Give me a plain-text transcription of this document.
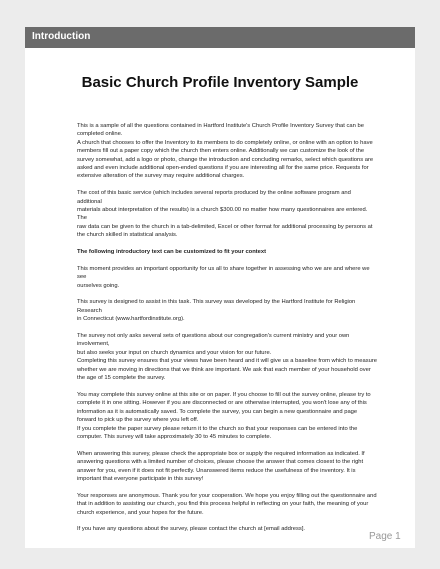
Introduction
Basic Church Profile Inventory Sample

This is a sample of all the questions contained in Hartford Institute's Church Profile Inventory Survey that can be
completed online.
A church that chooses to offer the Inventory to its members to do completely online, or online with an option to have
members fill out a paper copy which the church then enters online. Additionally we can customize the look of the
survey somewhat, add a logo or photo, change the introduction and concluding remarks, select which questions are
asked and even include additional open-ended questions if you are interesting all for the same price. Requests for
extensive alteration of the survey may require additional charges.

The cost of this basic service (which includes several reports produced by the online software program and additional
materials about interpretation of the results) is a church $300.00 no matter how many questionnaires are entered. The
raw data can be given to the church in a tab-delimited, Excel or other format for additional processing by persons at
the church skilled in statistical analysis.

The following introductory text can be customized to fit your context

This moment provides an important opportunity for us all to share together in assessing who we are and where we see
ourselves going.

This survey is designed to assist in this task. This survey was developed by the Hartford Institute for Religion Research
in Connecticut (www.hartfordinstitute.org).

The survey not only asks several sets of questions about our congregation's current ministry and your own involvement,
but also seeks your input on church dynamics and your vision for our future.
Completing this survey ensures that your views have been heard and it will give us a baseline from which to measure
whether we are moving in directions that we think are important. We ask that each member of your household over
the age of 15 complete the survey.

You may complete this survey online at this site or on paper. If you choose to fill out the survey online, please try to
complete it in one sitting. However if you are disconnected or are otherwise interrupted, you won't lose any of this
information as it is automatically saved. To complete the survey, you can begin a new questionnaire and page
forward to pick up the survey where you left off.
If you complete the paper survey please return it to the church so that your responses can be entered into the
computer. This survey will take approximately 30 to 45 minutes to complete.

When answering this survey, please check the appropriate box or supply the required information as indicated. If
answering questions with a limited number of choices, please choose the answer that comes closest to the right
answer for you, even if it does not fit perfectly. Unanswered items reduce the usefulness of the inventory. It is
important that everyone participate in this survey!

Your responses are anonymous. Thank you for your cooperation. We hope you enjoy filling out the questionnaire and
that in addition to assisting our church, you find this process helpful in reflecting on your faith, the meaning of your
church experience, and your hopes for the future.

If you have any questions about the survey, please contact the church at [email address].

Page 1
